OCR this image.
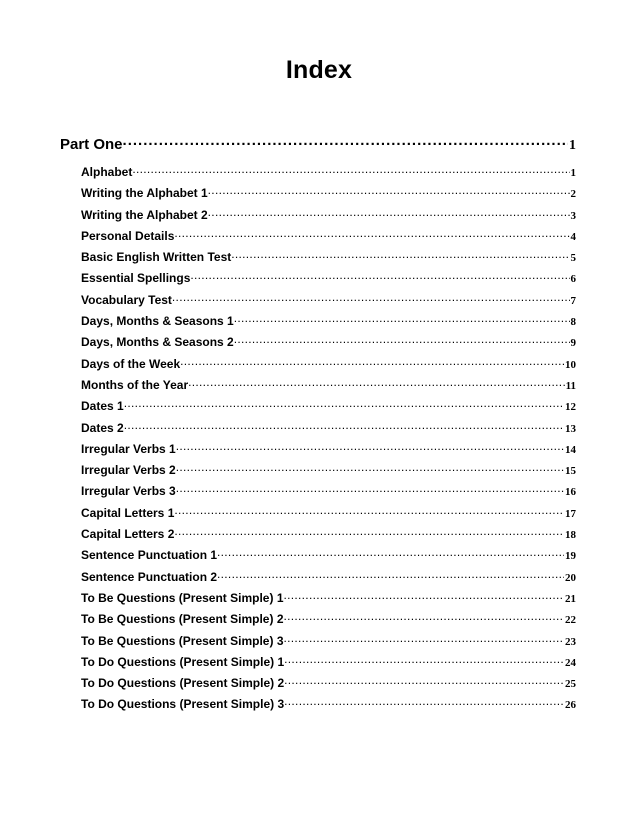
Index
Part One .....	1
Alphabet .....	1
Writing the Alphabet 1 .....	2
Writing the Alphabet 2 .....	3
Personal Details .....	4
Basic English Written Test .....	5
Essential Spellings .....	6
Vocabulary Test .....	7
Days, Months & Seasons 1 .....	8
Days, Months & Seasons 2 .....	9
Days of the Week .....	10
Months of the Year .....	11
Dates 1 .....	12
Dates 2 .....	13
Irregular Verbs 1 .....	14
Irregular Verbs 2 .....	15
Irregular Verbs 3 .....	16
Capital Letters 1 .....	17
Capital Letters 2 .....	18
Sentence Punctuation 1 .....	19
Sentence Punctuation 2 .....	20
To Be Questions (Present Simple) 1 .....	21
To Be Questions (Present Simple) 2 .....	22
To Be Questions (Present Simple) 3 .....	23
To Do Questions (Present Simple) 1 .....	24
To Do Questions (Present Simple) 2 .....	25
To Do Questions (Present Simple) 3 .....	26
